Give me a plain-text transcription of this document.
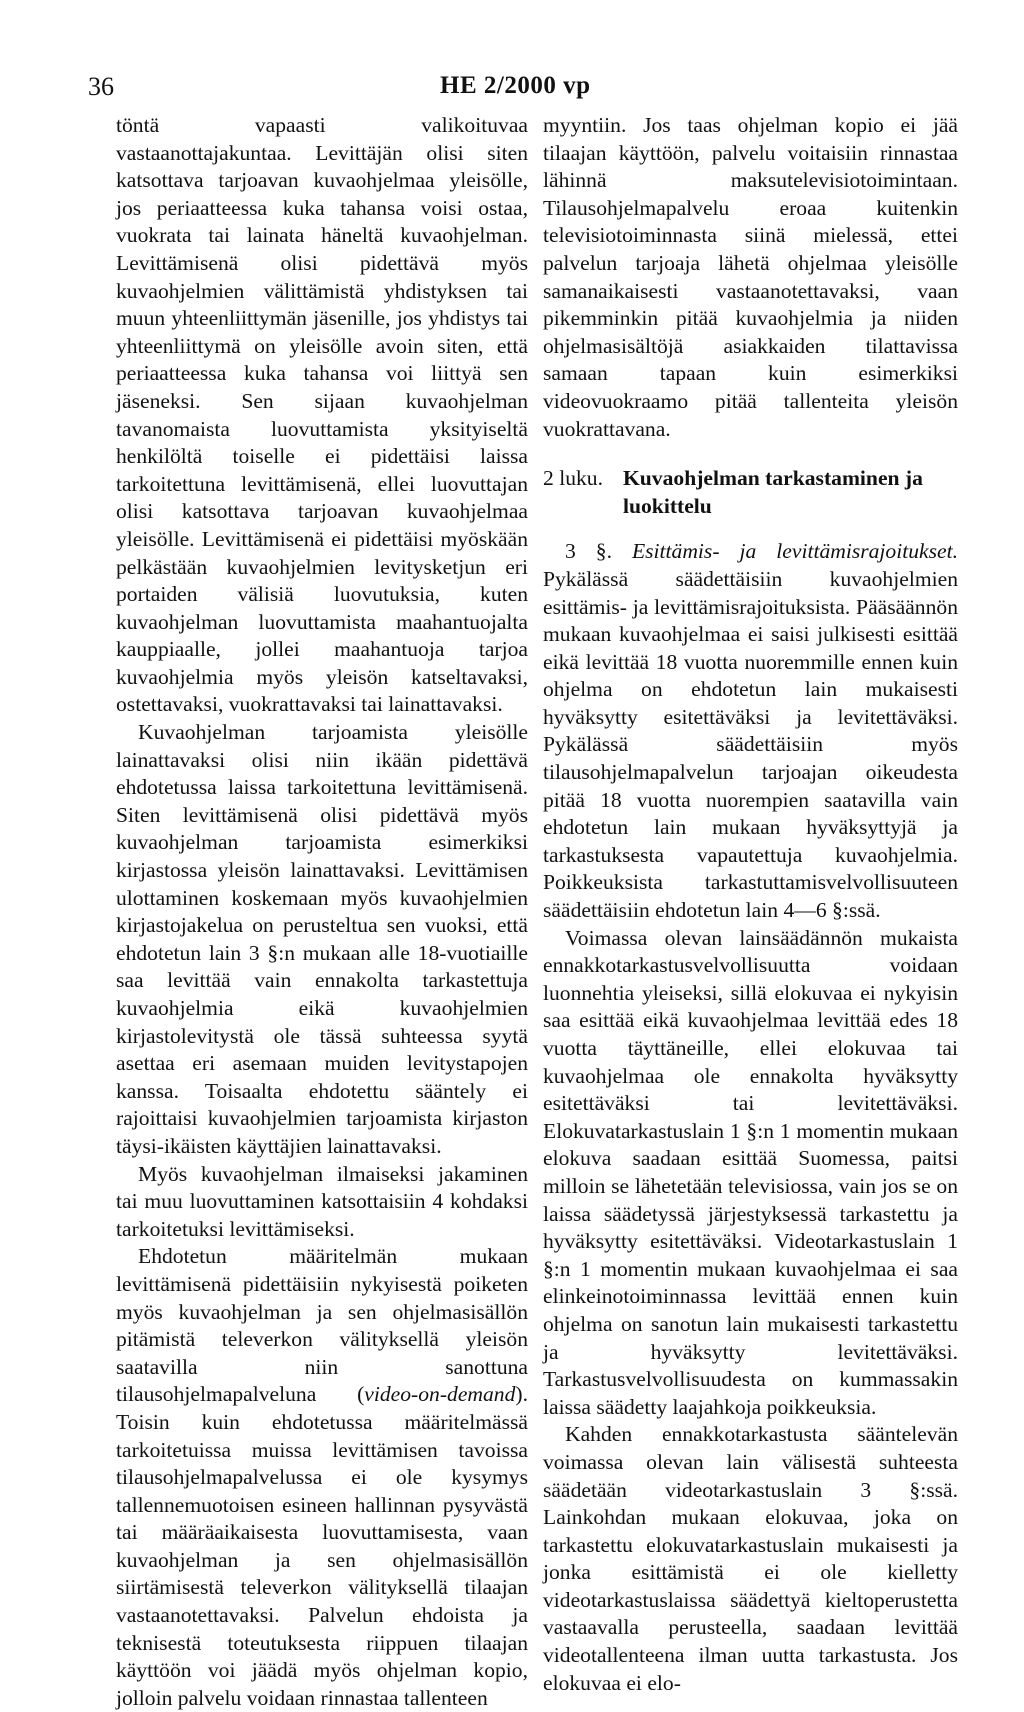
36	HE 2/2000 vp

töntä vapaasti valikoituvaa vastaanottajakuntaa. Levittäjän olisi siten katsottava tarjoavan kuvaohjelmaa yleisölle, jos periaatteessa kuka tahansa voisi ostaa, vuokrata tai lainata häneltä kuvaohjelman. Levittämisenä olisi pidettävä myös kuvaohjelmien välittämistä yhdistyksen tai muun yhteenliittymän jäsenille, jos yhdistys tai yhteenliittymä on yleisölle avoin siten, että periaatteessa kuka tahansa voi liittyä sen jäseneksi. Sen sijaan kuvaohjelman tavanomaista luovuttamista yksityiseltä henkilöltä toiselle ei pidettäisi laissa tarkoitettuna levittämisenä, ellei luovuttajan olisi katsottava tarjoavan kuvaohjelmaa yleisölle. Levittämisenä ei pidettäisi myöskään pelkästään kuvaohjelmien levitysketjun eri portaiden välisiä luovutuksia, kuten kuvaohjelman luovuttamista maahantuojalta kauppiaalle, jollei maahantuoja tarjoa kuvaohjelmia myös yleisön katseltavaksi, ostettavaksi, vuokrattavaksi tai lainattavaksi.

Kuvaohjelman tarjoamista yleisölle lainattavaksi olisi niin ikään pidettävä ehdotetussa laissa tarkoitettuna levittämisenä. Siten levittämisenä olisi pidettävä myös kuvaohjelman tarjoamista esimerkiksi kirjastossa yleisön lainattavaksi. Levittämisen ulottaminen koskemaan myös kuvaohjelmien kirjastojakelua on perusteltua sen vuoksi, että ehdotetun lain 3 §:n mukaan alle 18-vuotiaille saa levittää vain ennakolta tarkastettuja kuvaohjelmia eikä kuvaohjelmien kirjastolevitystä ole tässä suhteessa syytä asettaa eri asemaan muiden levitystapojen kanssa. Toisaalta ehdotettu sääntely ei rajoittaisi kuvaohjelmien tarjoamista kirjaston täysi-ikäisten käyttäjien lainattavaksi.

Myös kuvaohjelman ilmaiseksi jakaminen tai muu luovuttaminen katsottaisiin 4 kohdaksi tarkoitetuksi levittämiseksi.

Ehdotetun määritelmän mukaan levittämisenä pidettäisiin nykyisestä poiketen myös kuvaohjelman ja sen ohjelmasisällön pitämistä televerkon välityksellä yleisön saatavilla niin sanottuna tilausohjelmapalveluna (video-on-demand). Toisin kuin ehdotetussa määritelmässä tarkoitetuissa muissa levittämisen tavoissa tilausohjelmapalvelussa ei ole kysymys tallennemuotoisen esineen hallinnan pysyvästä tai määräaikaisesta luovuttamisesta, vaan kuvaohjelman ja sen ohjelmasisällön siirtämisestä televerkon välityksellä tilaajan vastaanotettavaksi. Palvelun ehdoista ja teknisestä toteutuksesta riippuen tilaajan käyttöön voi jäädä myös ohjelman kopio, jolloin palvelu voidaan rinnastaa tallenteen

myyntiin. Jos taas ohjelman kopio ei jää tilaajan käyttöön, palvelu voitaisiin rinnastaa lähinnä maksutelevisiotoimintaan. Tilausohjelmapalvelu eroaa kuitenkin televisiotoiminnasta siinä mielessä, ettei palvelun tarjoaja lähetä ohjelmaa yleisölle samanaikaisesti vastaanotettavaksi, vaan pikemminkin pitää kuvaohjelmia ja niiden ohjelmasisältöjä asiakkaiden tilattavissa samaan tapaan kuin esimerkiksi videovuokraamo pitää tallenteita yleisön vuokrattavana.

2 luku. Kuvaohjelman tarkastaminen ja luokittelu

3 §. Esittämis- ja levittämisrajoitukset. Pykälässä säädettäisiin kuvaohjelmien esittämis- ja levittämisrajoituksista. Pääsäännön mukaan kuvaohjelmaa ei saisi julkisesti esittää eikä levittää 18 vuotta nuoremmille ennen kuin ohjelma on ehdotetun lain mukaisesti hyväksytty esitettäväksi ja levitettäväksi. Pykälässä säädettäisiin myös tilausohjelmapalvelun tarjoajan oikeudesta pitää 18 vuotta nuorempien saatavilla vain ehdotetun lain mukaan hyväksyttyjä ja tarkastuksesta vapautettuja kuvaohjelmia. Poikkeuksista tarkastuttamisvelvollisuuteen säädettäisiin ehdotetun lain 4—6 §:ssä.

Voimassa olevan lainsäädännön mukaista ennakkotarkastusvelvollisuutta voidaan luonnehtia yleiseksi, sillä elokuvaa ei nykyisin saa esittää eikä kuvaohjelmaa levittää edes 18 vuotta täyttäneille, ellei elokuvaa tai kuvaohjelmaa ole ennakolta hyväksytty esitettäväksi tai levitettäväksi. Elokuvatarkastuslain 1 §:n 1 momentin mukaan elokuva saadaan esittää Suomessa, paitsi milloin se lähetetään televisiossa, vain jos se on laissa säädetyssä järjestyksessä tarkastettu ja hyväksytty esitettäväksi. Videotarkastuslain 1 §:n 1 momentin mukaan kuvaohjelmaa ei saa elinkeinotoiminnassa levittää ennen kuin ohjelma on sanotun lain mukaisesti tarkastettu ja hyväksytty levitettäväksi. Tarkastusvelvollisuudesta on kummassakin laissa säädetty laajahkoja poikkeuksia.

Kahden ennakkotarkastusta sääntelevän voimassa olevan lain välisestä suhteesta säädetään videotarkastuslain 3 §:ssä. Lainkohdan mukaan elokuvaa, joka on tarkastettu elokuvatarkastuslain mukaisesti ja jonka esittämistä ei ole kielletty videotarkastuslaissa säädettyä kieltoperustetta vastaavalla perusteella, saadaan levittää videotallenteena ilman uutta tarkastusta. Jos elokuvaa ei elo-
